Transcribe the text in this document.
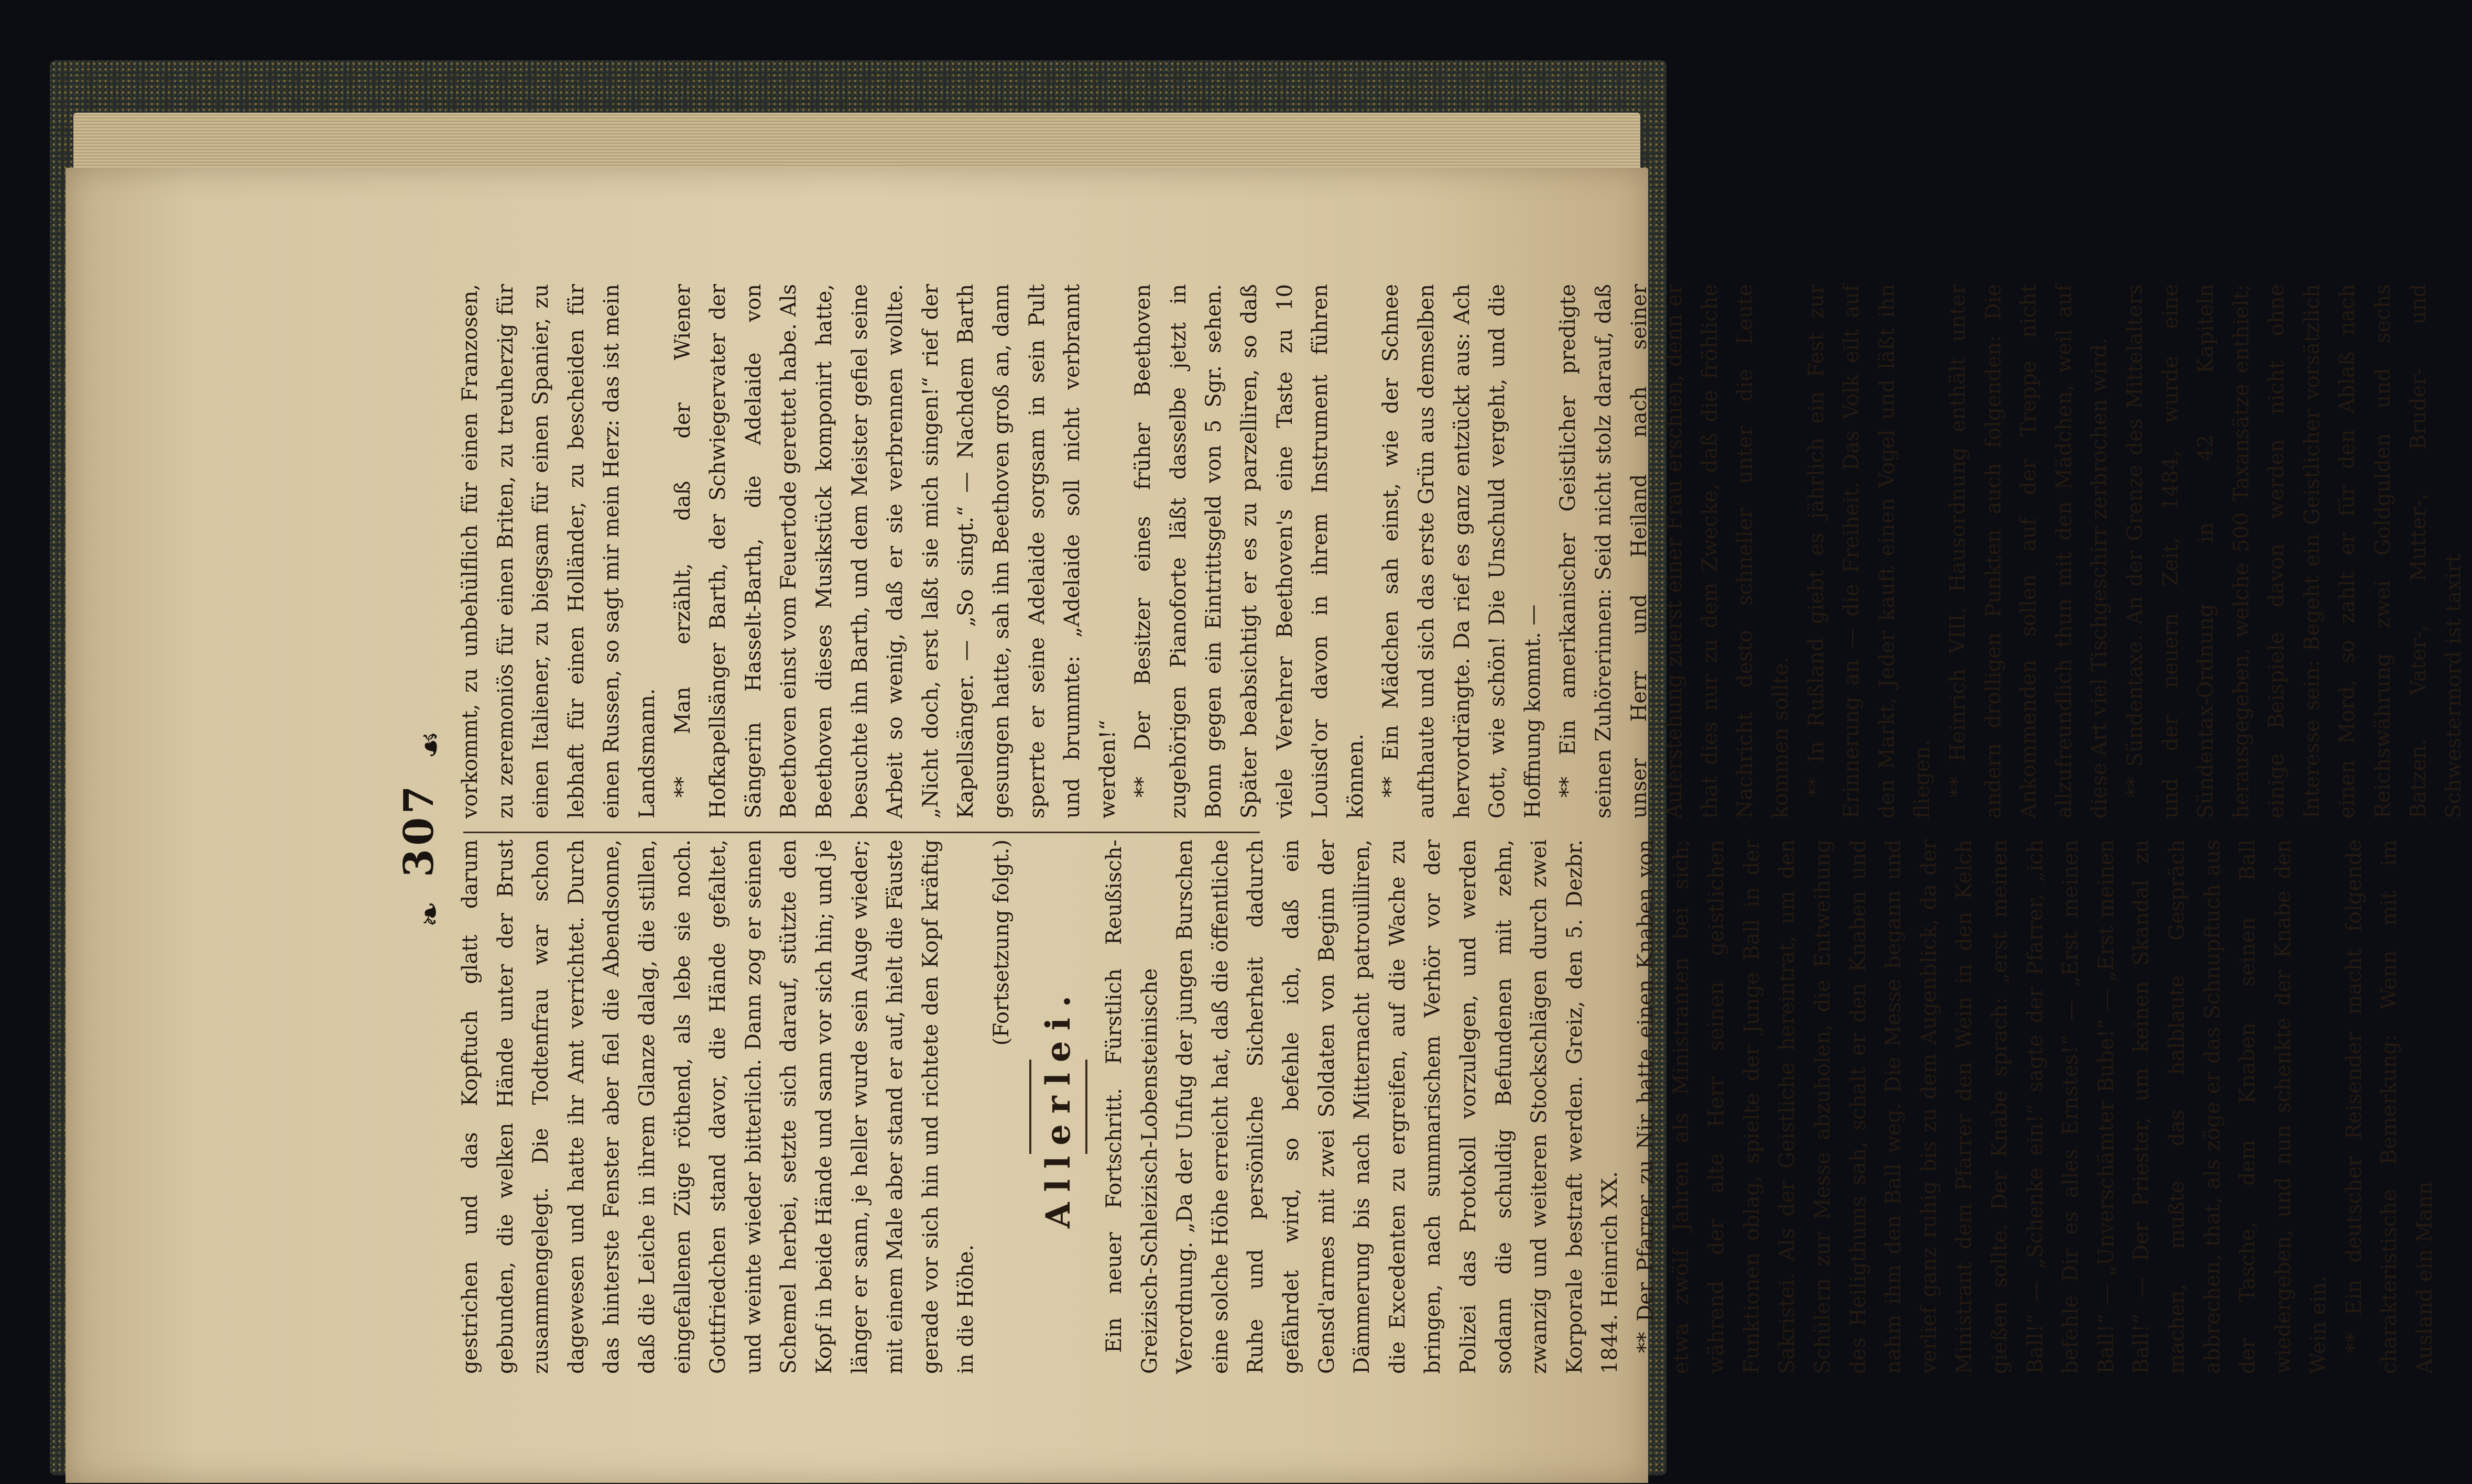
❧ 307 ☙

gestrichen und das Kopftuch glatt darum gebunden, die welken Hände unter der Brust zusammengelegt. Die Todtenfrau war schon dagewesen und hatte ihr Amt verrichtet. Durch das hinterste Fenster aber fiel die Abendsonne, daß die Leiche in ihrem Glanze dalag, die stillen, eingefallenen Züge röthend, als lebe sie noch. Gottfriedchen stand davor, die Hände gefaltet, und weinte wieder bitterlich. Dann zog er seinen Schemel herbei, setzte sich darauf, stützte den Kopf in beide Hände und sann vor sich hin; und je länger er sann, je heller wurde sein Auge wieder; mit einem Male aber stand er auf, hielt die Fäuste gerade vor sich hin und richtete den Kopf kräftig in die Höhe.

(Fortsetzung folgt.)

Allerlei. Ein neuer Fortschritt. Fürstlich Reußisch-Greizisch-Schleizisch-Lobensteinische Verordnung. „Da der Unfug der jungen Burschen eine solche Höhe erreicht hat, daß die öffentliche Ruhe und persönliche Sicherheit dadurch gefährdet wird, so befehle ich, daß ein Gensd'armes mit zwei Soldaten von Beginn der Dämmerung bis nach Mitternacht patrouilliren, die Excedenten zu ergreifen, auf die Wache zu bringen, nach summarischem Verhör vor der Polizei das Protokoll vorzulegen, und werden sodann die schuldig Befundenen mit zehn, zwanzig und weiteren Stockschlägen durch zwei Korporale bestraft werden. Greiz, den 5. Dezbr. 1844. Heinrich XX. ** Der Pfarrer zu Nir hatte einen Knaben von etwa zwölf Jahren als Ministranten bei sich; während der alte Herr seinen geistlichen Funktionen oblag, spielte der Junge Ball in der Sakristei. Als der Geistliche hereintrat, um den Schülern zur Messe abzuholen, die Entweihung des Heiligthums sah, schalt er den Knaben und nahm ihm den Ball weg. Die Messe begann und verlief ganz ruhig bis zu dem Augenblick, da der Ministrant dem Pfarrer den Wein in den Kelch gießen sollte. Der Knabe sprach: „erst meinen Ball!“ — „Schenke ein!“ sagte der Pfarrer, „ich befehle Dir es alles Ernstes!“ — „Erst meinen Ball!“ — „Unverschämter Bube!“ — „Erst meinen Ball!“ — Der Priester, um keinen Skandal zu machen, mußte das halblaute Gespräch abbrechen, that, als zöge er das Schnupftuch aus der Tasche, dem Knaben seinen Ball wiedergeben, und nun schenkte der Knabe den Wein ein. ** Ein deutscher Reisender macht folgende charakteristische Bemerkung: Wenn mit im Ausland ein Mann

vorkommt, zu unbehülflich für einen Franzosen, zu zeremoniös für einen Briten, zu treuherzig für einen Italiener, zu biegsam für einen Spanier, zu lebhaft für einen Holländer, zu bescheiden für einen Russen, so sagt mir mein Herz: das ist mein Landsmann. ** Man erzählt, daß der Wiener Hofkapellsänger Barth, der Schwiegervater der Sängerin Hasselt-Barth, die Adelaide von Beethoven einst vom Feuertode gerettet habe. Als Beethoven dieses Musikstück komponirt hatte, besuchte ihn Barth, und dem Meister gefiel seine Arbeit so wenig, daß er sie verbrennen wollte. „Nicht doch, erst laßt sie mich singen!“ rief der Kapellsänger. — „So singt.“ — Nachdem Barth gesungen hatte, sah ihn Beethoven groß an, dann sperrte er seine Adelaide sorgsam in sein Pult und brummte: „Adelaide soll nicht verbrannt werden!“ ** Der Besitzer eines früher Beethoven zugehörigen Pianoforte läßt dasselbe jetzt in Bonn gegen ein Eintrittsgeld von 5 Sgr. sehen. Später beabsichtigt er es zu parzelliren, so daß viele Verehrer Beethoven's eine Taste zu 10 Louisd'or davon in ihrem Instrument führen können. ** Ein Mädchen sah einst, wie der Schnee aufthaute und sich das erste Grün aus demselben hervordrängte. Da rief es ganz entzückt aus: Ach Gott, wie schön! Die Unschuld vergeht, und die Hoffnung kommt. — ** Ein amerikanischer Geistlicher predigte seinen Zuhörerinnen: Seid nicht stolz darauf, daß unser Herr und Heiland nach seiner Auferstehung zuerst einer Frau erschien, denn er that dies nur zu dem Zwecke, daß die fröhliche Nachricht desto schneller unter die Leute kommen sollte. ** In Rußland giebt es jährlich ein Fest zur Erinnerung an — die Freiheit. Das Volk eilt auf den Markt, Jeder kauft einen Vogel und läßt ihn fliegen. ** Heinrich VIII. Hausordnung enthält unter andern drolligen Punkten auch folgenden: Die Ankommenden sollen auf der Treppe nicht allzufreundlich thun mit den Mädchen, weil auf diese Art viel Tischgeschirr zerbrochen wird. ** Sündentaxe. An der Grenze des Mittelalters und der neuern Zeit, 1484, wurde eine Sündentax-Ordnung in 42 Kapiteln herausgegeben, welche 500 Taxansätze enthielt; einige Beispiele davon werden nicht ohne Interesse sein: Begeht ein Geistlicher vorsätzlich einen Mord, so zahlt er für den Ablaß nach Reichswährung zwei Goldgulden und sechs Batzen. Vater-, Mutter-, Bruder- und Schwestermord ist taxirt
